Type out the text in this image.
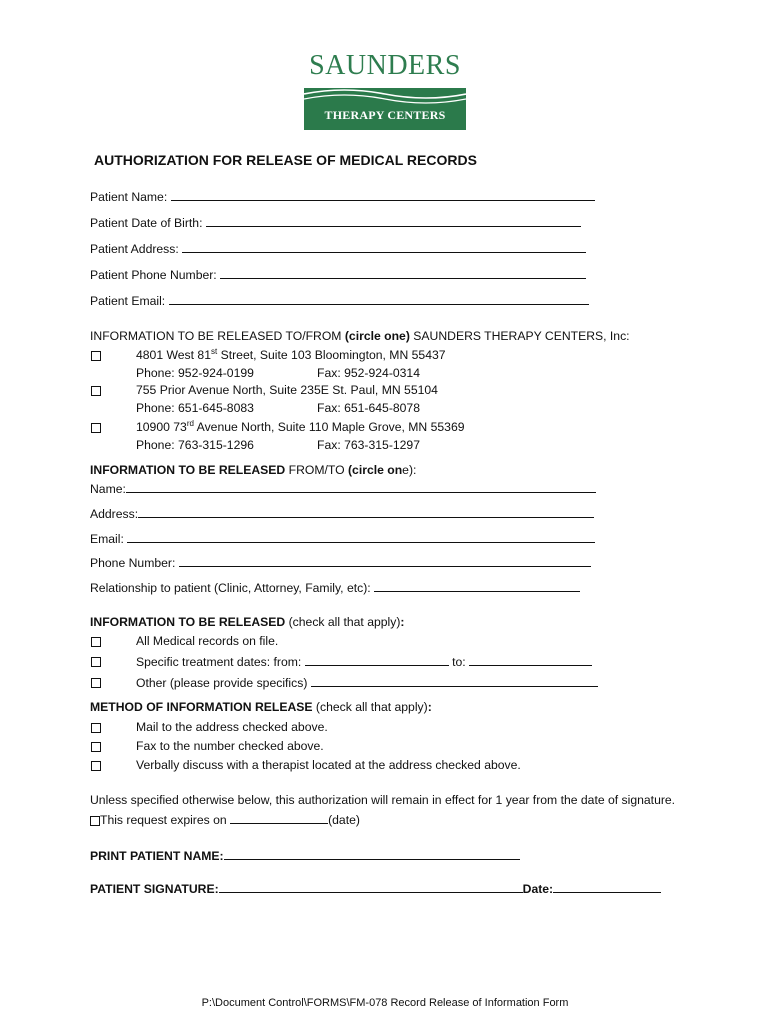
SAUNDERS
THERAPY CENTERS
AUTHORIZATION FOR RELEASE OF MEDICAL RECORDS
Patient Name:
Patient Date of Birth:
Patient Address:
Patient Phone Number:
Patient Email:
INFORMATION TO BE RELEASED TO/FROM (circle one) SAUNDERS THERAPY CENTERS, Inc:
4801 West 81st Street, Suite 103 Bloomington, MN 55437
Phone: 952-924-0199	Fax: 952-924-0314
755 Prior Avenue North, Suite 235E St. Paul, MN 55104
Phone: 651-645-8083	Fax: 651-645-8078
10900 73rd Avenue North, Suite 110 Maple Grove, MN 55369
Phone: 763-315-1296	Fax: 763-315-1297
INFORMATION TO BE RELEASED FROM/TO (circle one):
Name:
Address:
Email:
Phone Number:
Relationship to patient (Clinic, Attorney, Family, etc):
INFORMATION TO BE RELEASED (check all that apply):
All Medical records on file.
Specific treatment dates: from:	to:
Other (please provide specifics)
METHOD OF INFORMATION RELEASE (check all that apply):
Mail to the address checked above.
Fax to the number checked above.
Verbally discuss with a therapist located at the address checked above.
Unless specified otherwise below, this authorization will remain in effect for 1 year from the date of signature.
This request expires on	(date)
PRINT PATIENT NAME:
PATIENT SIGNATURE:	Date:
P:\Document Control\FORMS\FM-078 Record Release of Information Form
